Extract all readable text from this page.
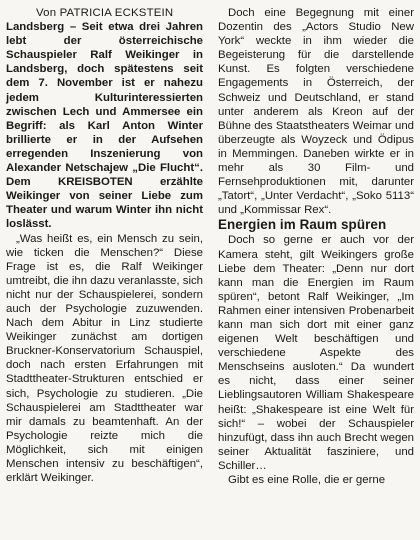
Von PATRICIA ECKSTEIN

Landsberg – Seit etwa drei Jahren lebt der österreichische Schauspieler Ralf Weikinger in Landsberg, doch spätestens seit dem 7. November ist er nahezu jedem Kulturinteressierten zwischen Lech und Ammersee ein Begriff: als Karl Anton Winter brillierte er in der Aufsehen erregenden Inszenierung von Alexander Netschajew „Die Flucht“. Dem KREISBOTEN erzählte Weikinger von seiner Liebe zum Theater und warum Winter ihn nicht loslässt.

„Was heißt es, ein Mensch zu sein, wie ticken die Menschen?“ Diese Frage ist es, die Ralf Weikinger umtreibt, die ihn dazu veranlasste, sich nicht nur der Schauspielerei, sondern auch der Psychologie zuzuwenden. Nach dem Abitur in Linz studierte Weikinger zunächst am dortigen Bruckner-Konservatorium Schauspiel, doch nach ersten Erfahrungen mit Stadttheater-Strukturen entschied er sich, Psychologie zu studieren. „Die Schauspielerei am Stadttheater war mir damals zu beamtenhaft. An der Psychologie reizte mich die Möglichkeit, sich mit einigen Menschen intensiv zu beschäftigen“, erklärt Weikinger.

Doch eine Begegnung mit einer Dozentin des „Actors Studio New York“ weckte in ihm wieder die Begeisterung für die darstellende Kunst. Es folgten verschiedene Engagements in Österreich, der Schweiz und Deutschland, er stand unter anderem als Kreon auf der Bühne des Staatstheaters Weimar und überzeugte als Woyzeck und Ödipus in Memmingen. Daneben wirkte er in mehr als 30 Film- und Fernsehproduktionen mit, darunter „Tatort“, „Unter Verdacht“, „Soko 5113“ und „Kommissar Rex“.

Energien im Raum spüren

Doch so gerne er auch vor der Kamera steht, gilt Weikingers große Liebe dem Theater: „Denn nur dort kann man die Energien im Raum spüren“, betont Ralf Weikinger, „Im Rahmen einer intensiven Probenarbeit kann man sich dort mit einer ganz eigenen Welt beschäftigen und verschiedene Aspekte des Menschseins ausloten.“ Da wundert es nicht, dass einer seiner Lieblingsautoren William Shakespeare heißt: „Shakespeare ist eine Welt für sich!“ – wobei der Schauspieler hinzufügt, dass ihn auch Brecht wegen seiner Aktualität fasziniere, und Schiller…

Gibt es eine Rolle, die er gerne
